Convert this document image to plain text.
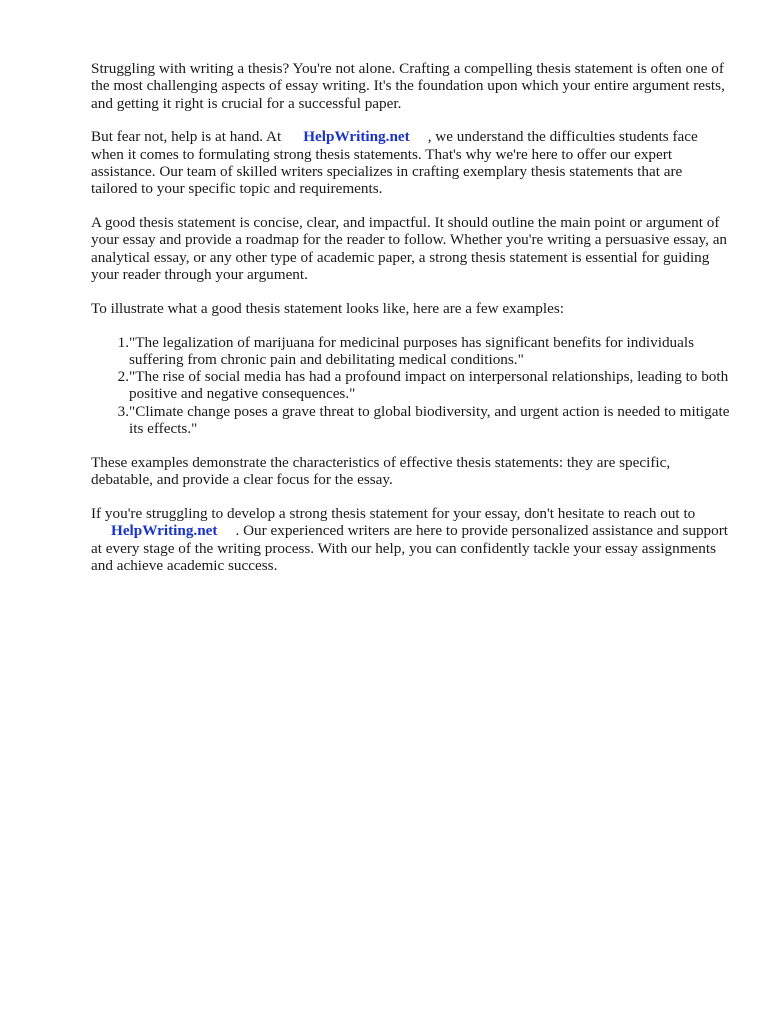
Struggling with writing a thesis? You're not alone. Crafting a compelling thesis statement is often one of the most challenging aspects of essay writing. It's the foundation upon which your entire argument rests, and getting it right is crucial for a successful paper.

But fear not, help is at hand. At HelpWriting.net , we understand the difficulties students face when it comes to formulating strong thesis statements. That's why we're here to offer our expert assistance. Our team of skilled writers specializes in crafting exemplary thesis statements that are tailored to your specific topic and requirements.

A good thesis statement is concise, clear, and impactful. It should outline the main point or argument of your essay and provide a roadmap for the reader to follow. Whether you're writing a persuasive essay, an analytical essay, or any other type of academic paper, a strong thesis statement is essential for guiding your reader through your argument.

To illustrate what a good thesis statement looks like, here are a few examples:

1. "The legalization of marijuana for medicinal purposes has significant benefits for individuals suffering from chronic pain and debilitating medical conditions."
2. "The rise of social media has had a profound impact on interpersonal relationships, leading to both positive and negative consequences."
3. "Climate change poses a grave threat to global biodiversity, and urgent action is needed to mitigate its effects."

These examples demonstrate the characteristics of effective thesis statements: they are specific, debatable, and provide a clear focus for the essay.

If you're struggling to develop a strong thesis statement for your essay, don't hesitate to reach out to
HelpWriting.net . Our experienced writers are here to provide personalized assistance and support at every stage of the writing process. With our help, you can confidently tackle your essay assignments and achieve academic success.
